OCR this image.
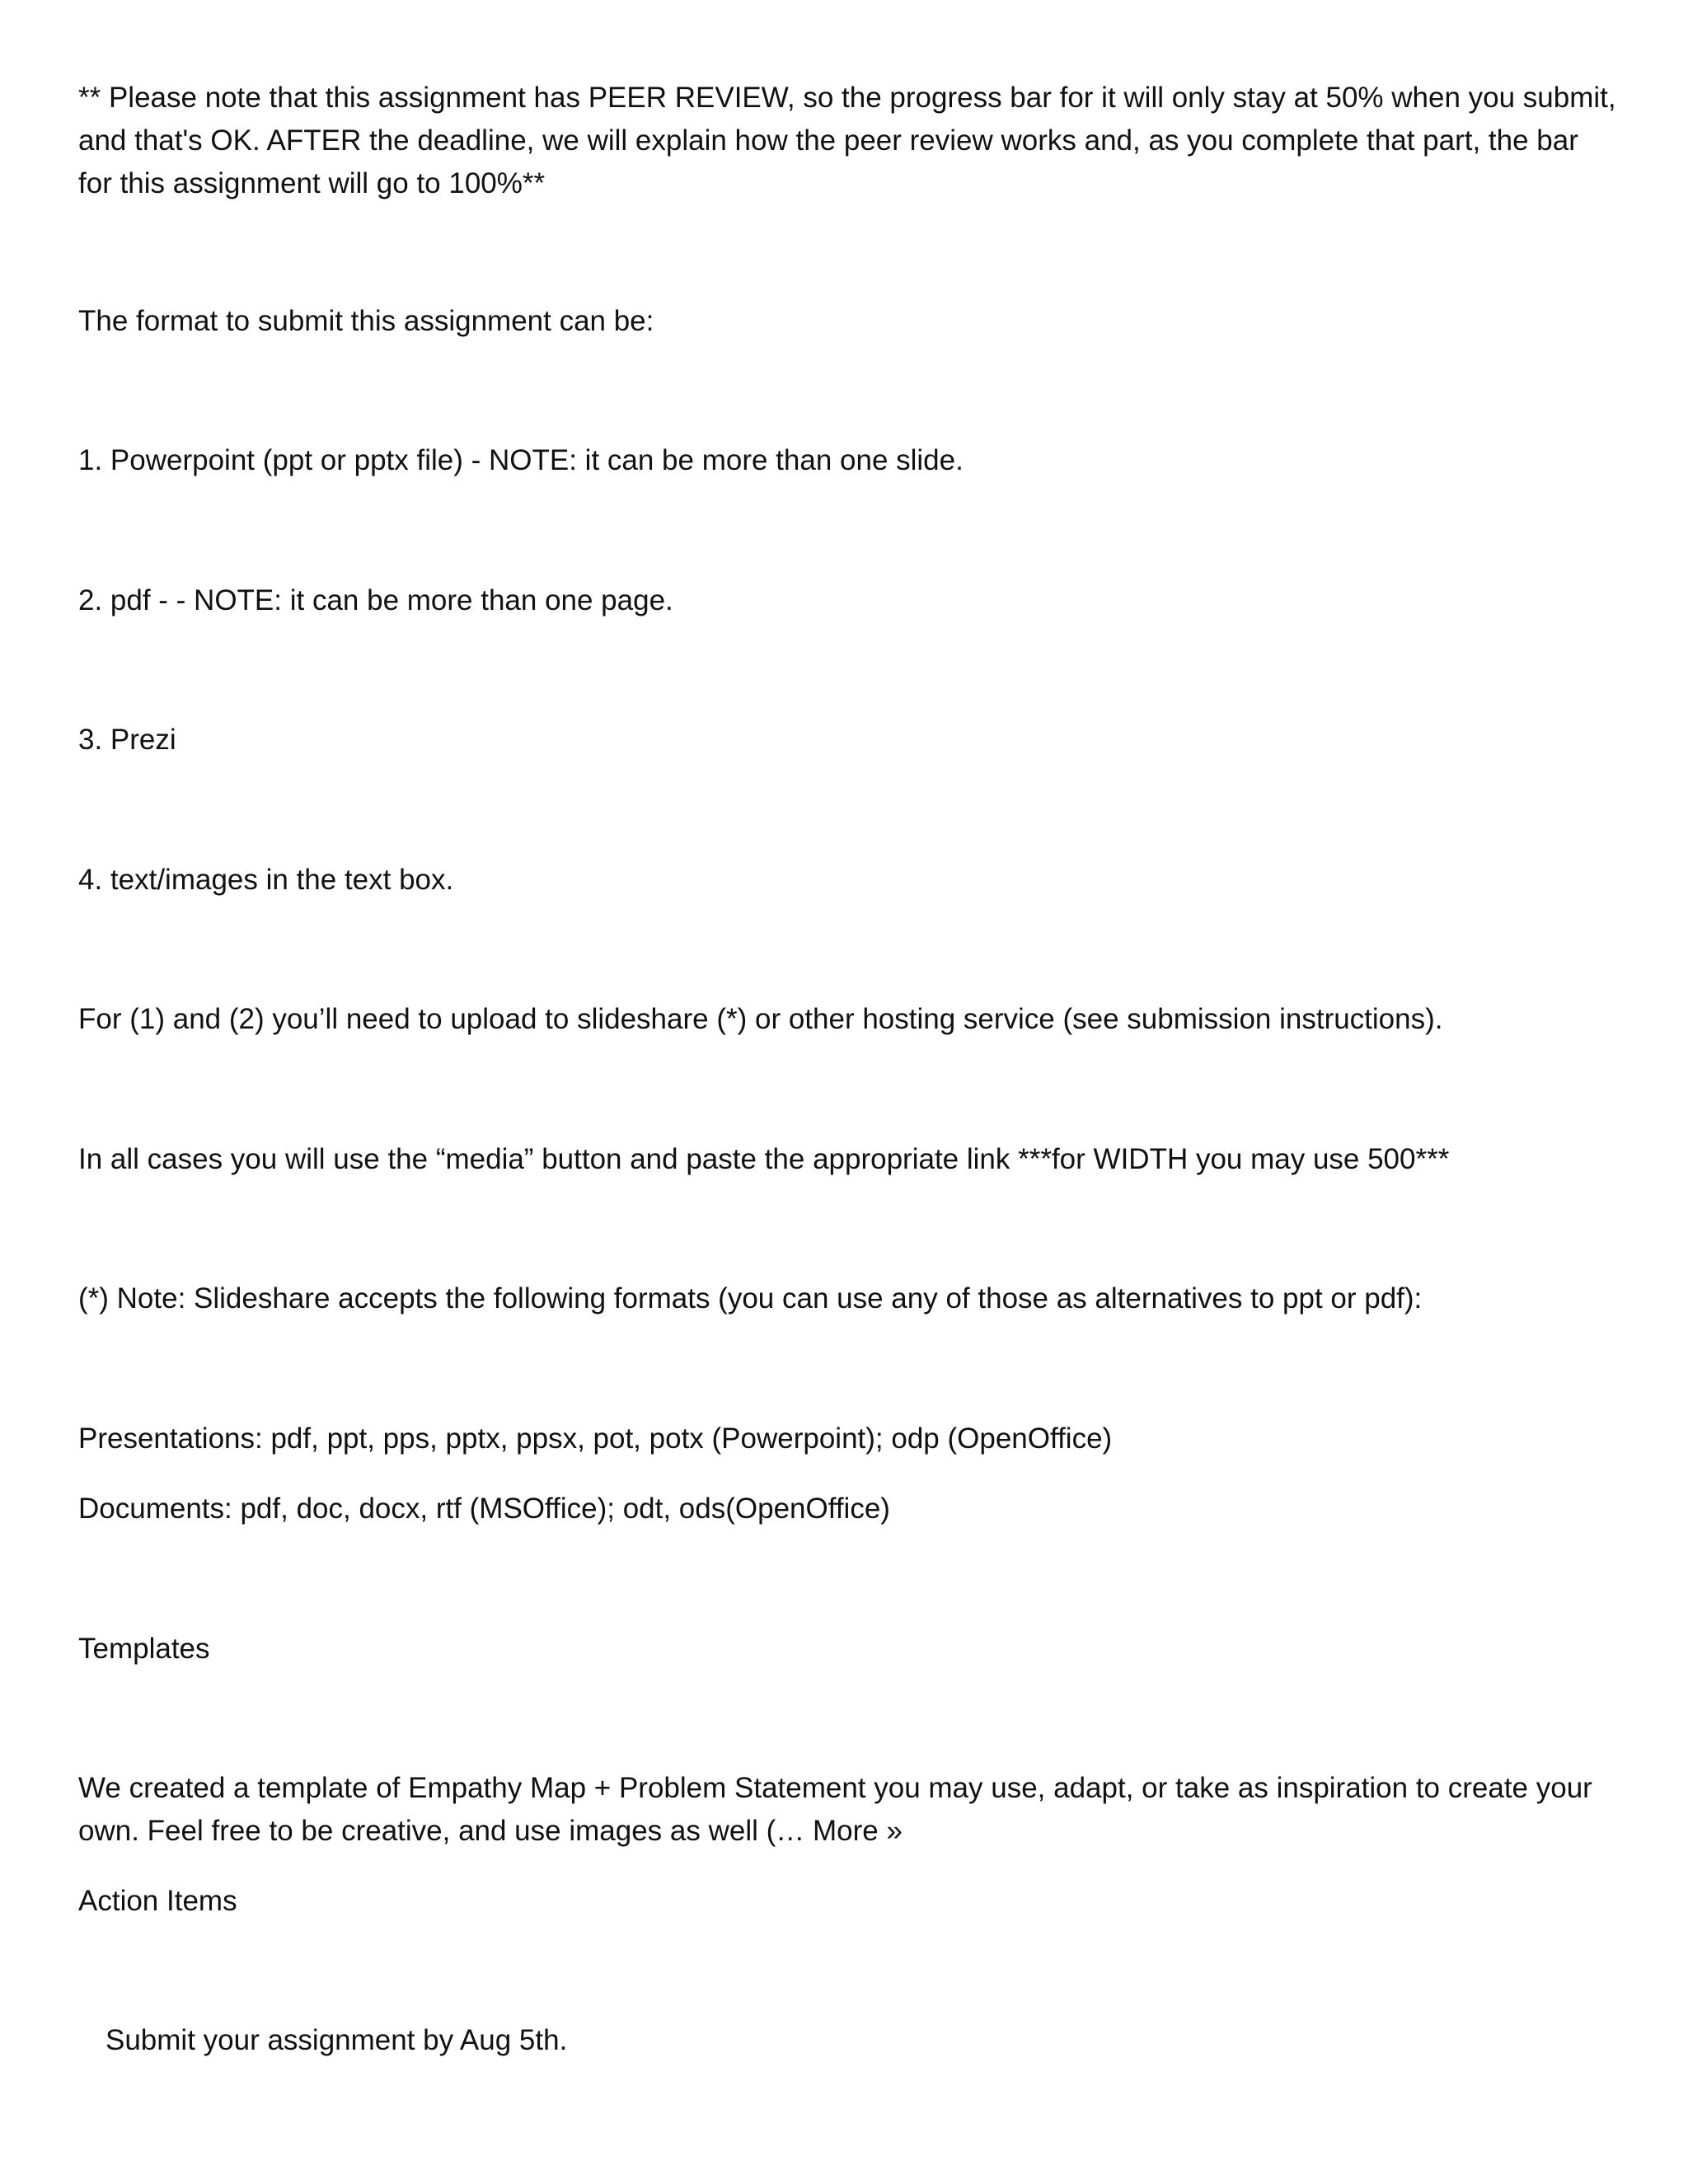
** Please note that this assignment has PEER REVIEW, so the progress bar for it will only stay at 50% when you submit, and that's OK. AFTER the deadline, we will explain how the peer review works and, as you complete that part, the bar for this assignment will go to 100%**

The format to submit this assignment can be:

1. Powerpoint (ppt or pptx file) - NOTE: it can be more than one slide.

2. pdf - - NOTE: it can be more than one page.

3. Prezi

4. text/images in the text box.

For (1) and (2) you’ll need to upload to slideshare (*) or other hosting service (see submission instructions).

In all cases you will use the “media” button and paste the appropriate link ***for WIDTH you may use 500***

(*) Note: Slideshare accepts the following formats (you can use any of those as alternatives to ppt or pdf):

Presentations: pdf, ppt, pps, pptx, ppsx, pot, potx (Powerpoint); odp (OpenOffice)

Documents: pdf, doc, docx, rtf (MSOffice); odt, ods(OpenOffice)

Templates

We created a template of Empathy Map + Problem Statement you may use, adapt, or take as inspiration to create your own. Feel free to be creative, and use images as well (… More »

Action Items

Submit your assignment by Aug 5th.
